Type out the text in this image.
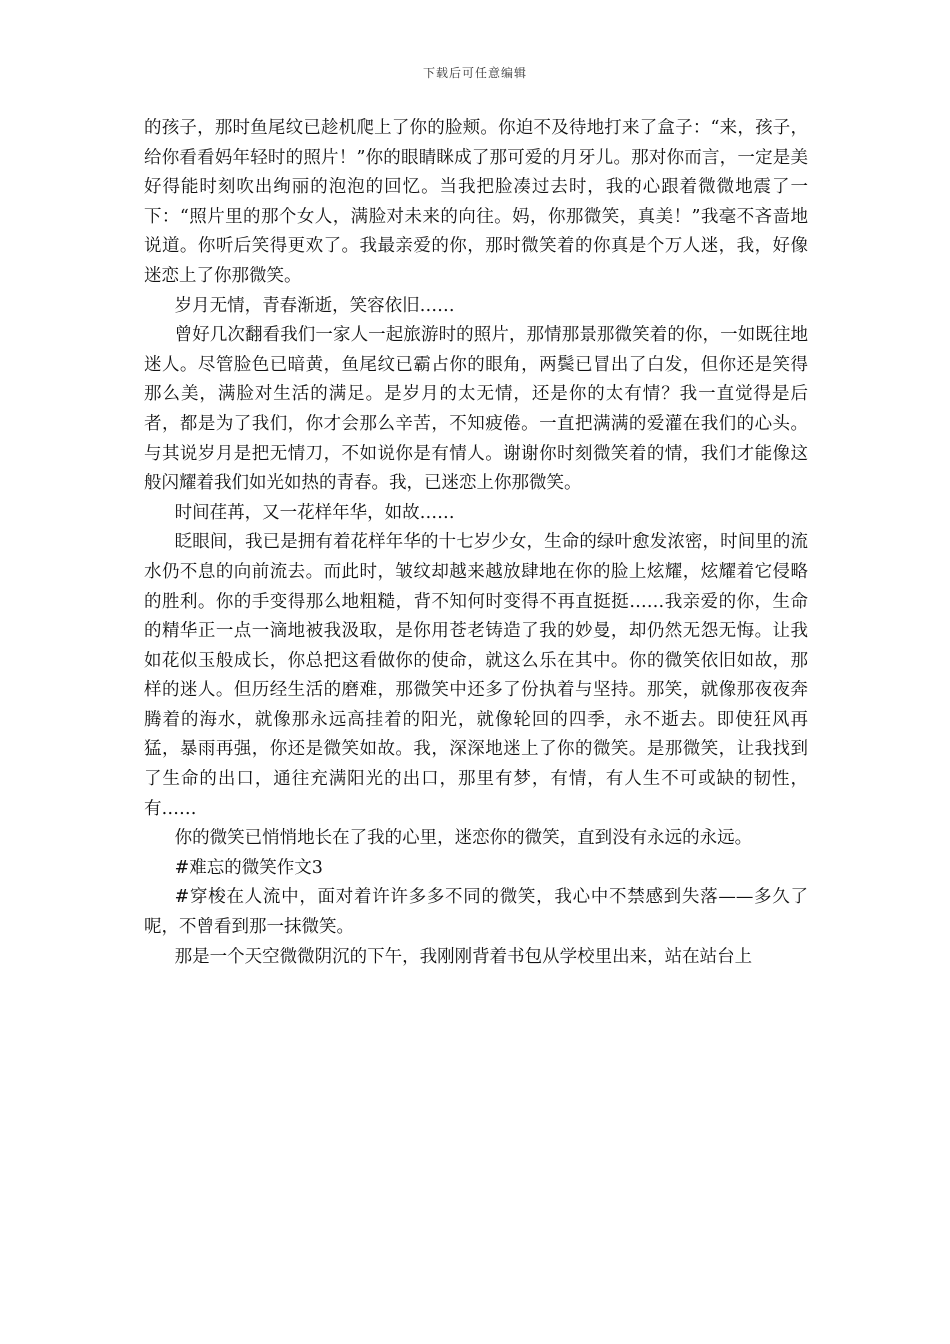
下载后可任意编辑

的孩子，那时鱼尾纹已趁机爬上了你的脸颊。你迫不及待地打来了盒子：“来，孩子，给你看看妈年轻时的照片！”你的眼睛眯成了那可爱的月牙儿。那对你而言，一定是美好得能时刻吹出绚丽的泡泡的回忆。当我把脸凑过去时，我的心跟着微微地震了一下：“照片里的那个女人，满脸对未来的向往。妈，你那微笑，真美！”我毫不吝啬地说道。你听后笑得更欢了。我最亲爱的你，那时微笑着的你真是个万人迷，我，好像迷恋上了你那微笑。

岁月无情，青春渐逝，笑容依旧……

曾好几次翻看我们一家人一起旅游时的照片，那情那景那微笑着的你，一如既往地迷人。尽管脸色已暗黄，鱼尾纹已霸占你的眼角，两鬓已冒出了白发，但你还是笑得那么美，满脸对生活的满足。是岁月的太无情，还是你的太有情？我一直觉得是后者，都是为了我们，你才会那么辛苦，不知疲倦。一直把满满的爱灌在我们的心头。与其说岁月是把无情刀，不如说你是有情人。谢谢你时刻微笑着的情，我们才能像这般闪耀着我们如光如热的青春。我，已迷恋上你那微笑。

时间荏苒，又一花样年华，如故……

眨眼间，我已是拥有着花样年华的十七岁少女，生命的绿叶愈发浓密，时间里的流水仍不息的向前流去。而此时，皱纹却越来越放肆地在你的脸上炫耀，炫耀着它侵略的胜利。你的手变得那么地粗糙，背不知何时变得不再直挺挺……我亲爱的你，生命的精华正一点一滴地被我汲取，是你用苍老铸造了我的妙曼，却仍然无怨无悔。让我如花似玉般成长，你总把这看做你的使命，就这么乐在其中。你的微笑依旧如故，那样的迷人。但历经生活的磨难，那微笑中还多了份执着与坚持。那笑，就像那夜夜奔腾着的海水，就像那永远高挂着的阳光，就像轮回的四季，永不逝去。即使狂风再猛，暴雨再强，你还是微笑如故。我，深深地迷上了你的微笑。是那微笑，让我找到了生命的出口，通往充满阳光的出口，那里有梦，有情，有人生不可或缺的韧性，有……

你的微笑已悄悄地长在了我的心里，迷恋你的微笑，直到没有永远的永远。

#难忘的微笑作文3

#穿梭在人流中，面对着许许多多不同的微笑，我心中不禁感到失落——多久了呢，不曾看到那一抹微笑。

那是一个天空微微阴沉的下午，我刚刚背着书包从学校里出来，站在站台上
